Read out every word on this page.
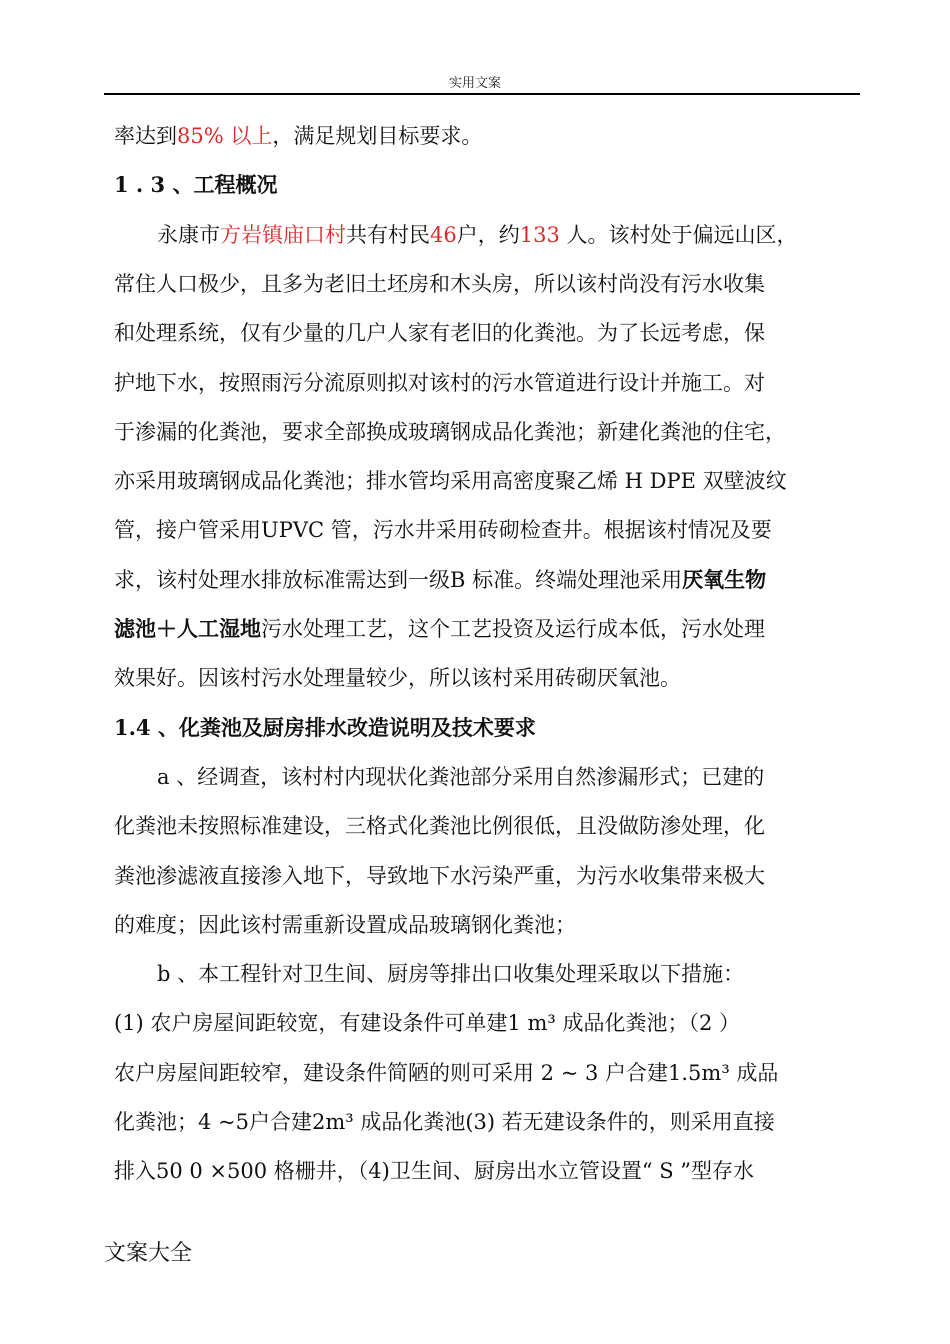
实用文案
率达到85% 以上，满足规划目标要求。
1 . 3 、工程概况
永康市方岩镇庙口村共有村民46户，约133 人。该村处于偏远山区，
常住人口极少，且多为老旧土坯房和木头房，所以该村尚没有污水收集
和处理系统，仅有少量的几户人家有老旧的化粪池。为了长远考虑，保
护地下水，按照雨污分流原则拟对该村的污水管道进行设计并施工。对
于渗漏的化粪池，要求全部换成玻璃钢成品化粪池；新建化粪池的住宅，
亦采用玻璃钢成品化粪池；排水管均采用高密度聚乙烯 H DPE 双壁波纹
管，接户管采用UPVC 管，污水井采用砖砌检查井。根据该村情况及要
求，该村处理水排放标准需达到一级B 标准。终端处理池采用厌氧生物
滤池＋人工湿地污水处理工艺，这个工艺投资及运行成本低，污水处理
效果好。因该村污水处理量较少，所以该村采用砖砌厌氧池。
1.4 、化粪池及厨房排水改造说明及技术要求
a 、经调查，该村村内现状化粪池部分采用自然渗漏形式；已建的
化粪池未按照标准建设，三格式化粪池比例很低，且没做防渗处理，化
粪池渗滤液直接渗入地下，导致地下水污染严重，为污水收集带来极大
的难度；因此该村需重新设置成品玻璃钢化粪池；
b 、本工程针对卫生间、厨房等排出口收集处理采取以下措施：
(1) 农户房屋间距较宽，有建设条件可单建1 m³ 成品化粪池；（2 ）
农户房屋间距较窄，建设条件简陋的则可采用 2 ~ 3 户合建1.5m³ 成品
化粪池；4 ~5户合建2m³ 成品化粪池(3) 若无建设条件的，则采用直接
排入50 0 ×500 格栅井，（4)卫生间、厨房出水立管设置“ S ”型存水
文案大全
